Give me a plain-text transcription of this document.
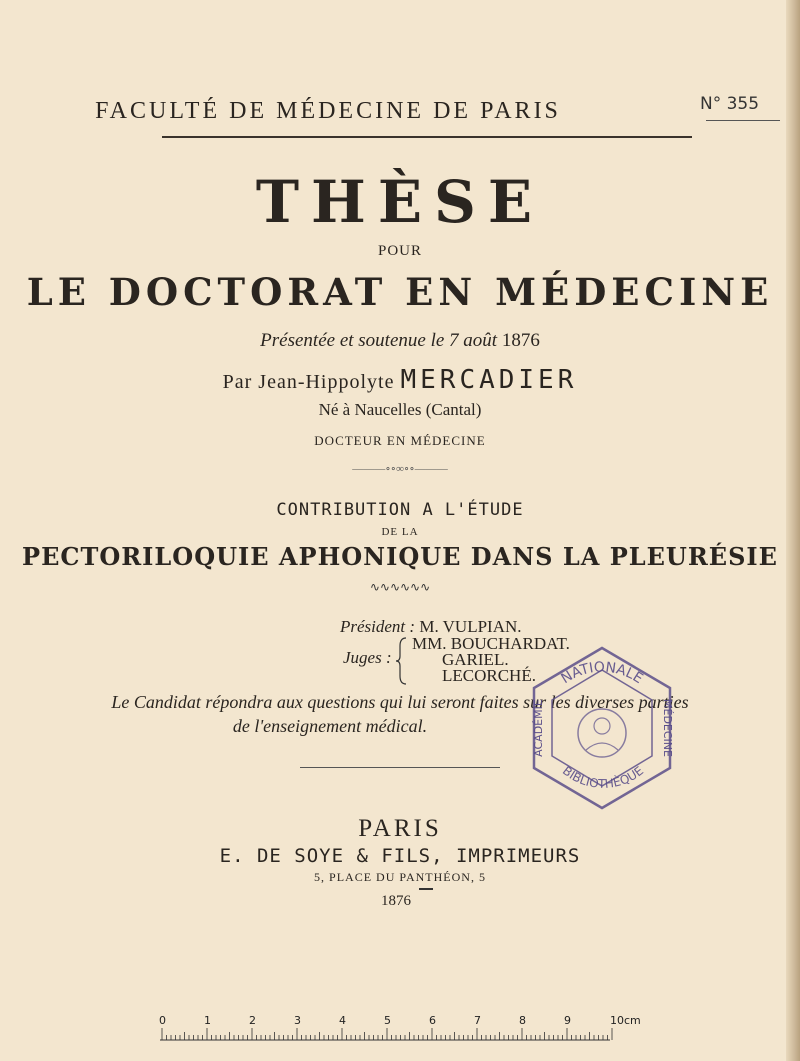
FACULTÉ DE MÉDECINE DE PARIS	N° 355
THÈSE
POUR
LE DOCTORAT EN MÉDECINE
Présentée et soutenue le 7 août 1876
Par Jean-Hippolyte MERCADIER
Né à Naucelles (Cantal)
DOCTEUR EN MÉDECINE
———∘∘∞∘∘———
CONTRIBUTION A L'ÉTUDE
DE LA
PECTORILOQUIE APHONIQUE DANS LA PLEURÉSIE
∿∿∿∿∿∿
Président : M. VULPIAN.
Juges :
MM. BOUCHARDAT.
GARIEL.
LECORCHÉ.
Le Candidat répondra aux questions qui lui seront faites sur les diverses parties
de l'enseignement médical.
NATIONALE
BIBLIOTHÈQUE
ACADÉMIE	MÉDECINE
PARIS
E. DE SOYE & FILS, IMPRIMEURS
5, PLACE DU PANTHÉON, 5
1876
0	1	2	3	4	5	6	7	8	9	10cm
